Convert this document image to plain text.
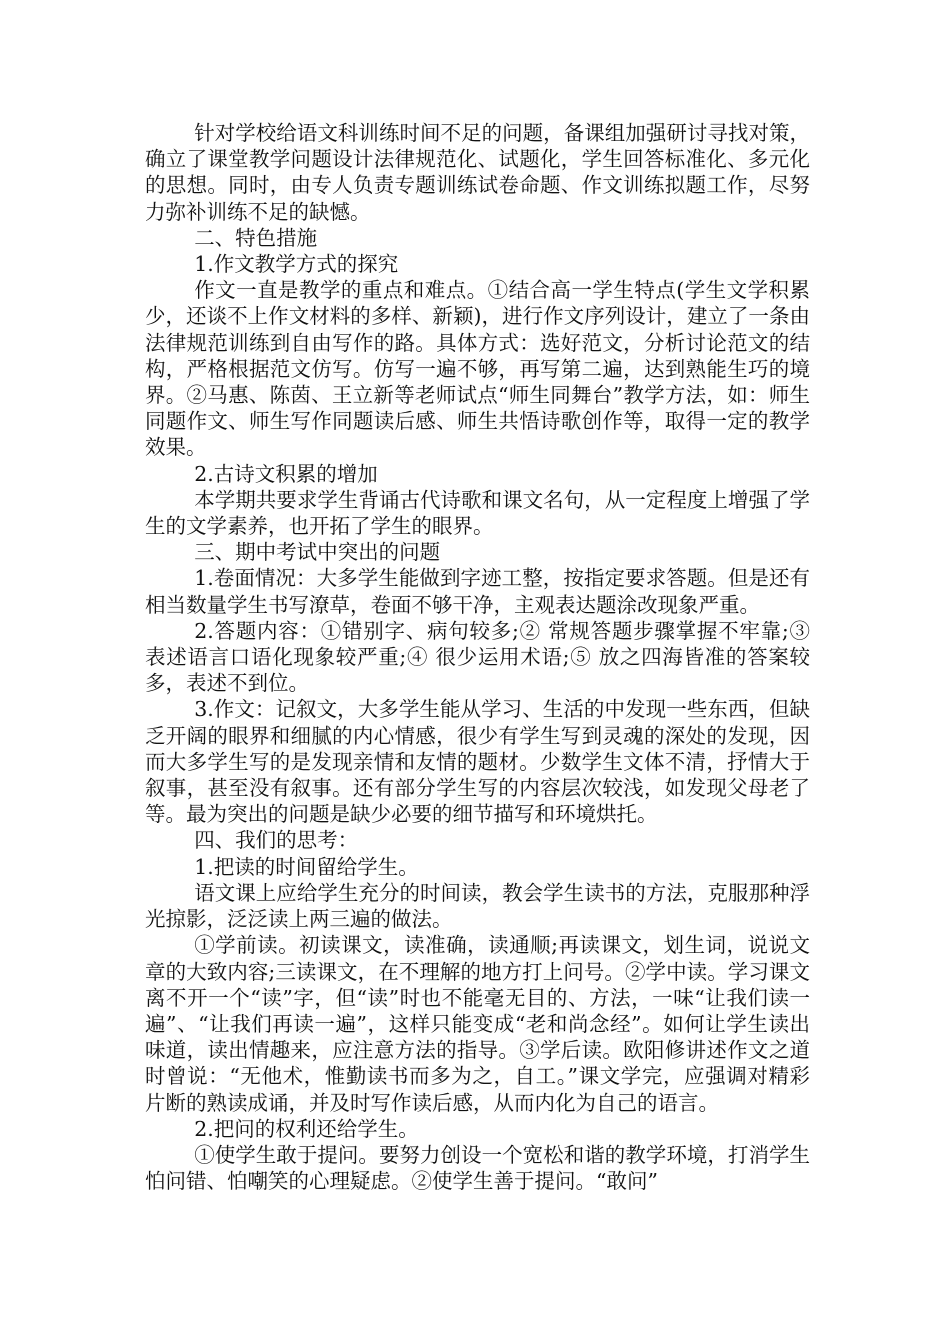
针对学校给语文科训练时间不足的问题，备课组加强研讨寻找对策，确立了课堂教学问题设计法律规范化、试题化，学生回答标准化、多元化的思想。同时，由专人负责专题训练试卷命题、作文训练拟题工作，尽努力弥补训练不足的缺憾。

二、特色措施

1.作文教学方式的探究

作文一直是教学的重点和难点。①结合高一学生特点(学生文学积累少，还谈不上作文材料的多样、新颖)，进行作文序列设计，建立了一条由法律规范训练到自由写作的路。具体方式：选好范文，分析讨论范文的结构，严格根据范文仿写。仿写一遍不够，再写第二遍，达到熟能生巧的境界。②马惠、陈茵、王立新等老师试点“师生同舞台”教学方法，如：师生同题作文、师生写作同题读后感、师生共悟诗歌创作等，取得一定的教学效果。

2.古诗文积累的增加

本学期共要求学生背诵古代诗歌和课文名句，从一定程度上增强了学生的文学素养，也开拓了学生的眼界。

三、期中考试中突出的问题

1.卷面情况：大多学生能做到字迹工整，按指定要求答题。但是还有相当数量学生书写潦草，卷面不够干净，主观表达题涂改现象严重。

2.答题内容：①错别字、病句较多;② 常规答题步骤掌握不牢靠;③ 表述语言口语化现象较严重;④ 很少运用术语;⑤ 放之四海皆准的答案较多，表述不到位。

3.作文：记叙文，大多学生能从学习、生活的中发现一些东西，但缺乏开阔的眼界和细腻的内心情感，很少有学生写到灵魂的深处的发现，因而大多学生写的是发现亲情和友情的题材。少数学生文体不清，抒情大于叙事，甚至没有叙事。还有部分学生写的内容层次较浅，如发现父母老了等。最为突出的问题是缺少必要的细节描写和环境烘托。

四、我们的思考：

1.把读的时间留给学生。

语文课上应给学生充分的时间读，教会学生读书的方法，克服那种浮光掠影，泛泛读上两三遍的做法。

①学前读。初读课文，读准确，读通顺;再读课文，划生词，说说文章的大致内容;三读课文，在不理解的地方打上问号。②学中读。学习课文离不开一个“读”字，但“读”时也不能毫无目的、方法，一味“让我们读一遍”、“让我们再读一遍”，这样只能变成“老和尚念经”。如何让学生读出味道，读出情趣来，应注意方法的指导。③学后读。欧阳修讲述作文之道时曾说：“无他术，惟勤读书而多为之，自工。”课文学完，应强调对精彩片断的熟读成诵，并及时写作读后感，从而内化为自己的语言。

2.把问的权利还给学生。

①使学生敢于提问。要努力创设一个宽松和谐的教学环境，打消学生怕问错、怕嘲笑的心理疑虑。②使学生善于提问。“敢问”
